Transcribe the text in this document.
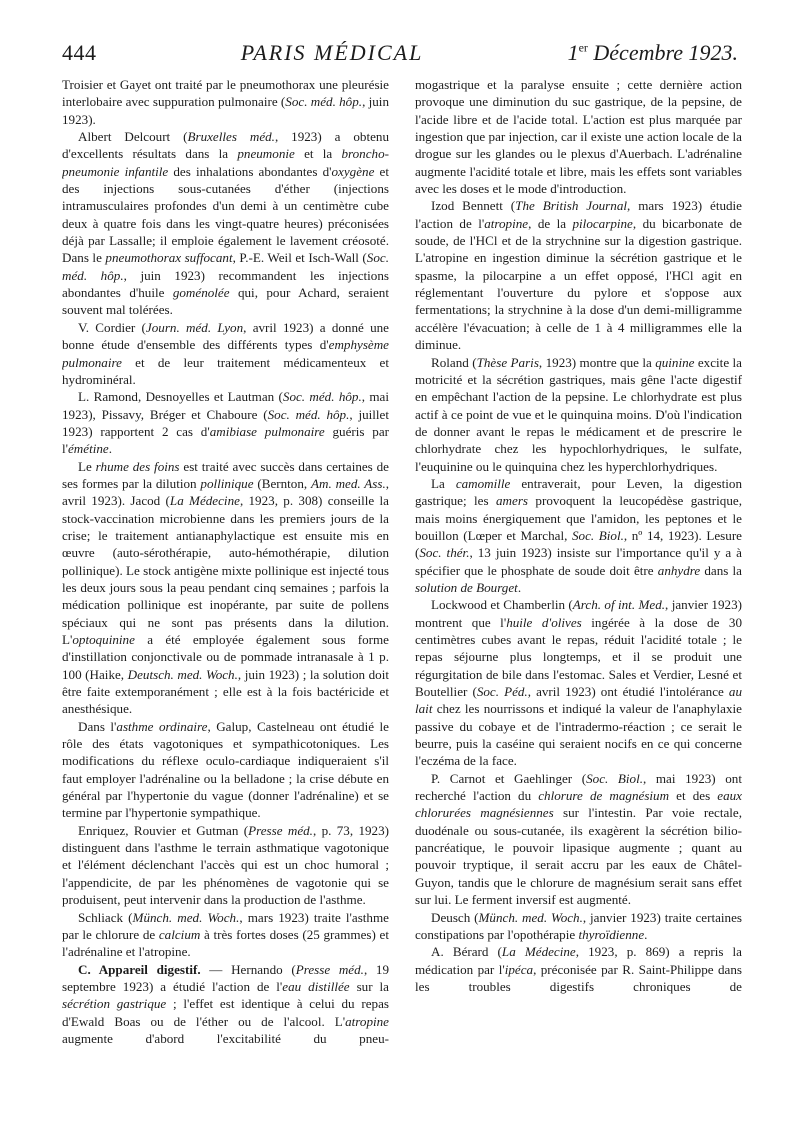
444	PARIS MÉDICAL	1er Décembre 1923.

Troisier et Gayet ont traité par le pneumothorax une pleurésie interlobaire avec suppuration pulmonaire (Soc. méd. hôp., juin 1923).

Albert Delcourt (Bruxelles méd., 1923) a obtenu d'excellents résultats dans la pneumonie et la broncho-pneumonie infantile des inhalations abondantes d'oxygène et des injections sous-cutanées d'éther (injections intramusculaires profondes d'un demi à un centimètre cube deux à quatre fois dans les vingt-quatre heures) préconisées déjà par Lassalle; il emploie également le lavement créosoté. Dans le pneumothorax suffocant, P.-E. Weil et Isch-Wall (Soc. méd. hôp., juin 1923) recommandent les injections abondantes d'huile goménolée qui, pour Achard, seraient souvent mal tolérées.

V. Cordier (Journ. méd. Lyon, avril 1923) a donné une bonne étude d'ensemble des différents types d'emphysème pulmonaire et de leur traitement médicamenteux et hydrominéral.

L. Ramond, Desnoyelles et Lautman (Soc. méd. hôp., mai 1923), Pissavy, Bréger et Chaboure (Soc. méd. hôp., juillet 1923) rapportent 2 cas d'amibiase pulmonaire guéris par l'émétine.

Le rhume des foins est traité avec succès dans certaines de ses formes par la dilution pollinique (Bernton, Am. med. Ass., avril 1923). Jacod (La Médecine, 1923, p. 308) conseille la stock-vaccination microbienne dans les premiers jours de la crise; le traitement antianaphylactique est ensuite mis en œuvre (auto-sérothérapie, auto-hémothérapie, dilution pollinique). Le stock antigène mixte pollinique est injecté tous les deux jours sous la peau pendant cinq semaines ; parfois la médication pollinique est inopérante, par suite de pollens spéciaux qui ne sont pas présents dans la dilution. L'optoquinine a été employée également sous forme d'instillation conjonctivale ou de pommade intranasale à 1 p. 100 (Haike, Deutsch. med. Woch., juin 1923) ; la solution doit être faite extemporanément ; elle est à la fois bactéricide et anesthésique.

Dans l'asthme ordinaire, Galup, Castelneau ont étudié le rôle des états vagotoniques et sympathicotoniques. Les modifications du réflexe oculo-cardiaque indiqueraient s'il faut employer l'adrénaline ou la belladone ; la crise débute en général par l'hypertonie du vague (donner l'adrénaline) et se termine par l'hypertonie sympathique.

Enriquez, Rouvier et Gutman (Presse méd., p. 73, 1923) distinguent dans l'asthme le terrain asthmatique vagotonique et l'élément déclenchant l'accès qui est un choc humoral ; l'appendicite, de par les phénomènes de vagotonie qui se produisent, peut intervenir dans la production de l'asthme.

Schliack (Münch. med. Woch., mars 1923) traite l'asthme par le chlorure de calcium à très fortes doses (25 grammes) et l'adrénaline et l'atropine.

C. Appareil digestif. — Hernando (Presse méd., 19 septembre 1923) a étudié l'action de l'eau distillée sur la sécrétion gastrique ; l'effet est identique à celui du repas d'Ewald Boas ou de l'éther ou de l'alcool. L'atropine augmente d'abord l'excitabilité du pneu-

mogastrique et la paralyse ensuite ; cette dernière action provoque une diminution du suc gastrique, de la pepsine, de l'acide libre et de l'acide total. L'action est plus marquée par ingestion que par injection, car il existe une action locale de la drogue sur les glandes ou le plexus d'Auerbach. L'adrénaline augmente l'acidité totale et libre, mais les effets sont variables avec les doses et le mode d'introduction.

Izod Bennett (The British Journal, mars 1923) étudie l'action de l'atropine, de la pilocarpine, du bicarbonate de soude, de l'HCl et de la strychnine sur la digestion gastrique. L'atropine en ingestion diminue la sécrétion gastrique et le spasme, la pilocarpine a un effet opposé, l'HCl agit en réglementant l'ouverture du pylore et s'oppose aux fermentations; la strychnine à la dose d'un demi-milligramme accélère l'évacuation; à celle de 1 à 4 milligrammes elle la diminue.

Roland (Thèse Paris, 1923) montre que la quinine excite la motricité et la sécrétion gastriques, mais gêne l'acte digestif en empêchant l'action de la pepsine. Le chlorhydrate est plus actif à ce point de vue et le quinquina moins. D'où l'indication de donner avant le repas le médicament et de prescrire le chlorhydrate chez les hypochlorhydriques, le sulfate, l'euquinine ou le quinquina chez les hyperchlorhydriques.

La camomille entraverait, pour Leven, la digestion gastrique; les amers provoquent la leucopédèse gastrique, mais moins énergiquement que l'amidon, les peptones et le bouillon (Lœper et Marchal, Soc. Biol., nº 14, 1923). Lesure (Soc. thér., 13 juin 1923) insiste sur l'importance qu'il y a à spécifier que le phosphate de soude doit être anhydre dans la solution de Bourget.

Lockwood et Chamberlin (Arch. of int. Med., janvier 1923) montrent que l'huile d'olives ingérée à la dose de 30 centimètres cubes avant le repas, réduit l'acidité totale ; le repas séjourne plus longtemps, et il se produit une régurgitation de bile dans l'estomac. Sales et Verdier, Lesné et Boutellier (Soc. Péd., avril 1923) ont étudié l'intolérance au lait chez les nourrissons et indiqué la valeur de l'anaphylaxie passive du cobaye et de l'intradermo-réaction ; ce serait le beurre, puis la caséine qui seraient nocifs en ce qui concerne l'eczéma de la face.

P. Carnot et Gaehlinger (Soc. Biol., mai 1923) ont recherché l'action du chlorure de magnésium et des eaux chlorurées magnésiennes sur l'intestin. Par voie rectale, duodénale ou sous-cutanée, ils exagèrent la sécrétion bilio-pancréatique, le pouvoir lipasique augmente ; quant au pouvoir tryptique, il serait accru par les eaux de Châtel-Guyon, tandis que le chlorure de magnésium serait sans effet sur lui. Le ferment inversif est augmenté.

Deusch (Münch. med. Woch., janvier 1923) traite certaines constipations par l'opothérapie thyroïdienne.

A. Bérard (La Médecine, 1923, p. 869) a repris la médication par l'ipéca, préconisée par R. Saint-Philippe dans les troubles digestifs chroniques de
